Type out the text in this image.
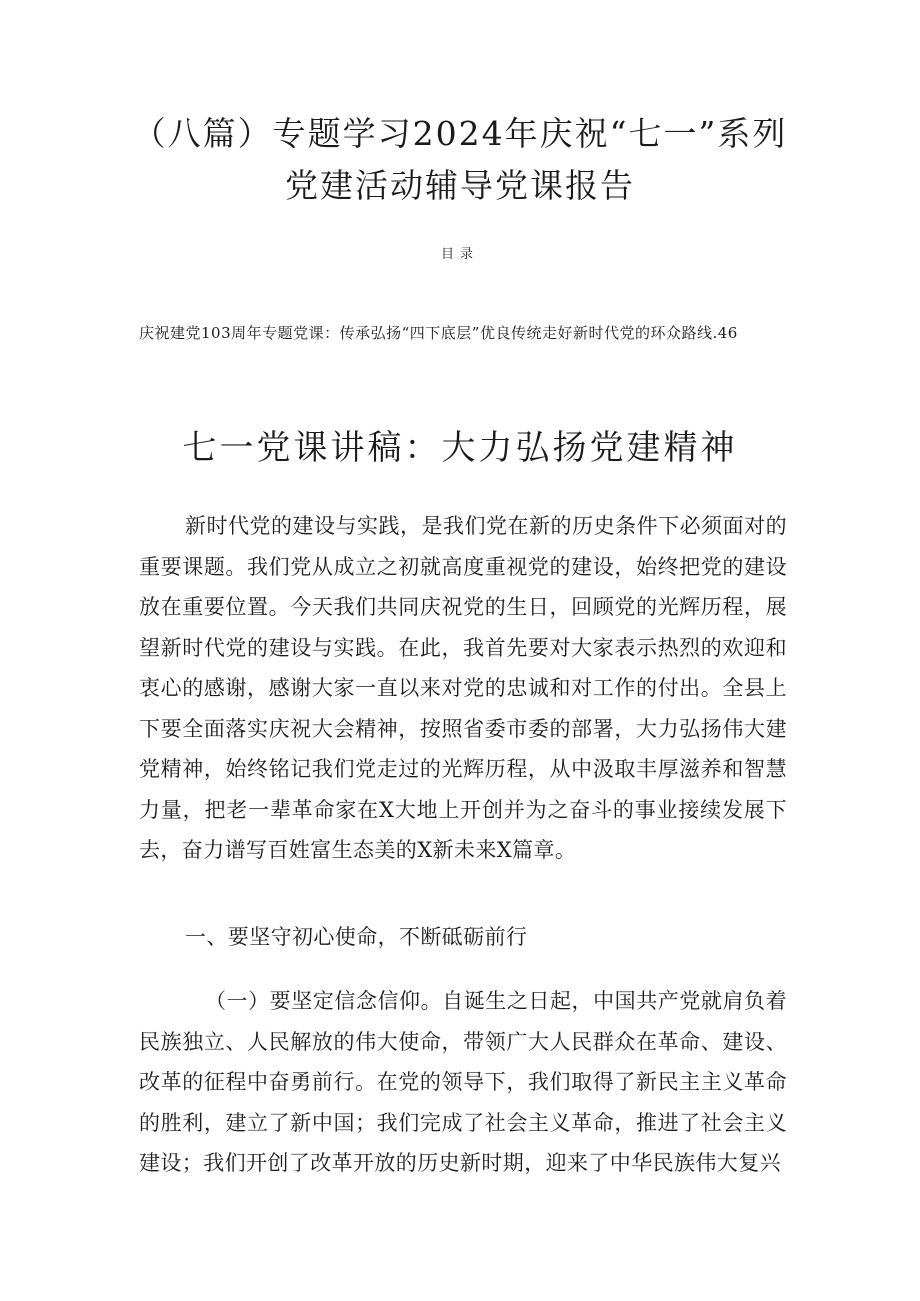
（八篇）专题学习2024年庆祝“七一”系列党建活动辅导党课报告
目录
庆祝建党103周年专题党课：传承弘扬“四下底层”优良传统走好新时代党的环众路线.46
七一党课讲稿：大力弘扬党建精神

新时代党的建设与实践，是我们党在新的历史条件下必须面对的重要课题。我们党从成立之初就高度重视党的建设，始终把党的建设放在重要位置。今天我们共同庆祝党的生日，回顾党的光辉历程，展望新时代党的建设与实践。在此，我首先要对大家表示热烈的欢迎和衷心的感谢，感谢大家一直以来对党的忠诚和对工作的付出。全县上下要全面落实庆祝大会精神，按照省委市委的部署，大力弘扬伟大建党精神，始终铭记我们党走过的光辉历程，从中汲取丰厚滋养和智慧力量，把老一辈革命家在X大地上开创并为之奋斗的事业接续发展下去，奋力谱写百姓富生态美的X新未来X篇章。

一、要坚守初心使命，不断砥砺前行

（一）要坚定信念信仰。自诞生之日起，中国共产党就肩负着民族独立、人民解放的伟大使命，带领广大人民群众在革命、建设、改革的征程中奋勇前行。在党的领导下，我们取得了新民主主义革命的胜利，建立了新中国；我们完成了社会主义革命，推进了社会主义建设；我们开创了改革开放的历史新时期，迎来了中华民族伟大复兴
